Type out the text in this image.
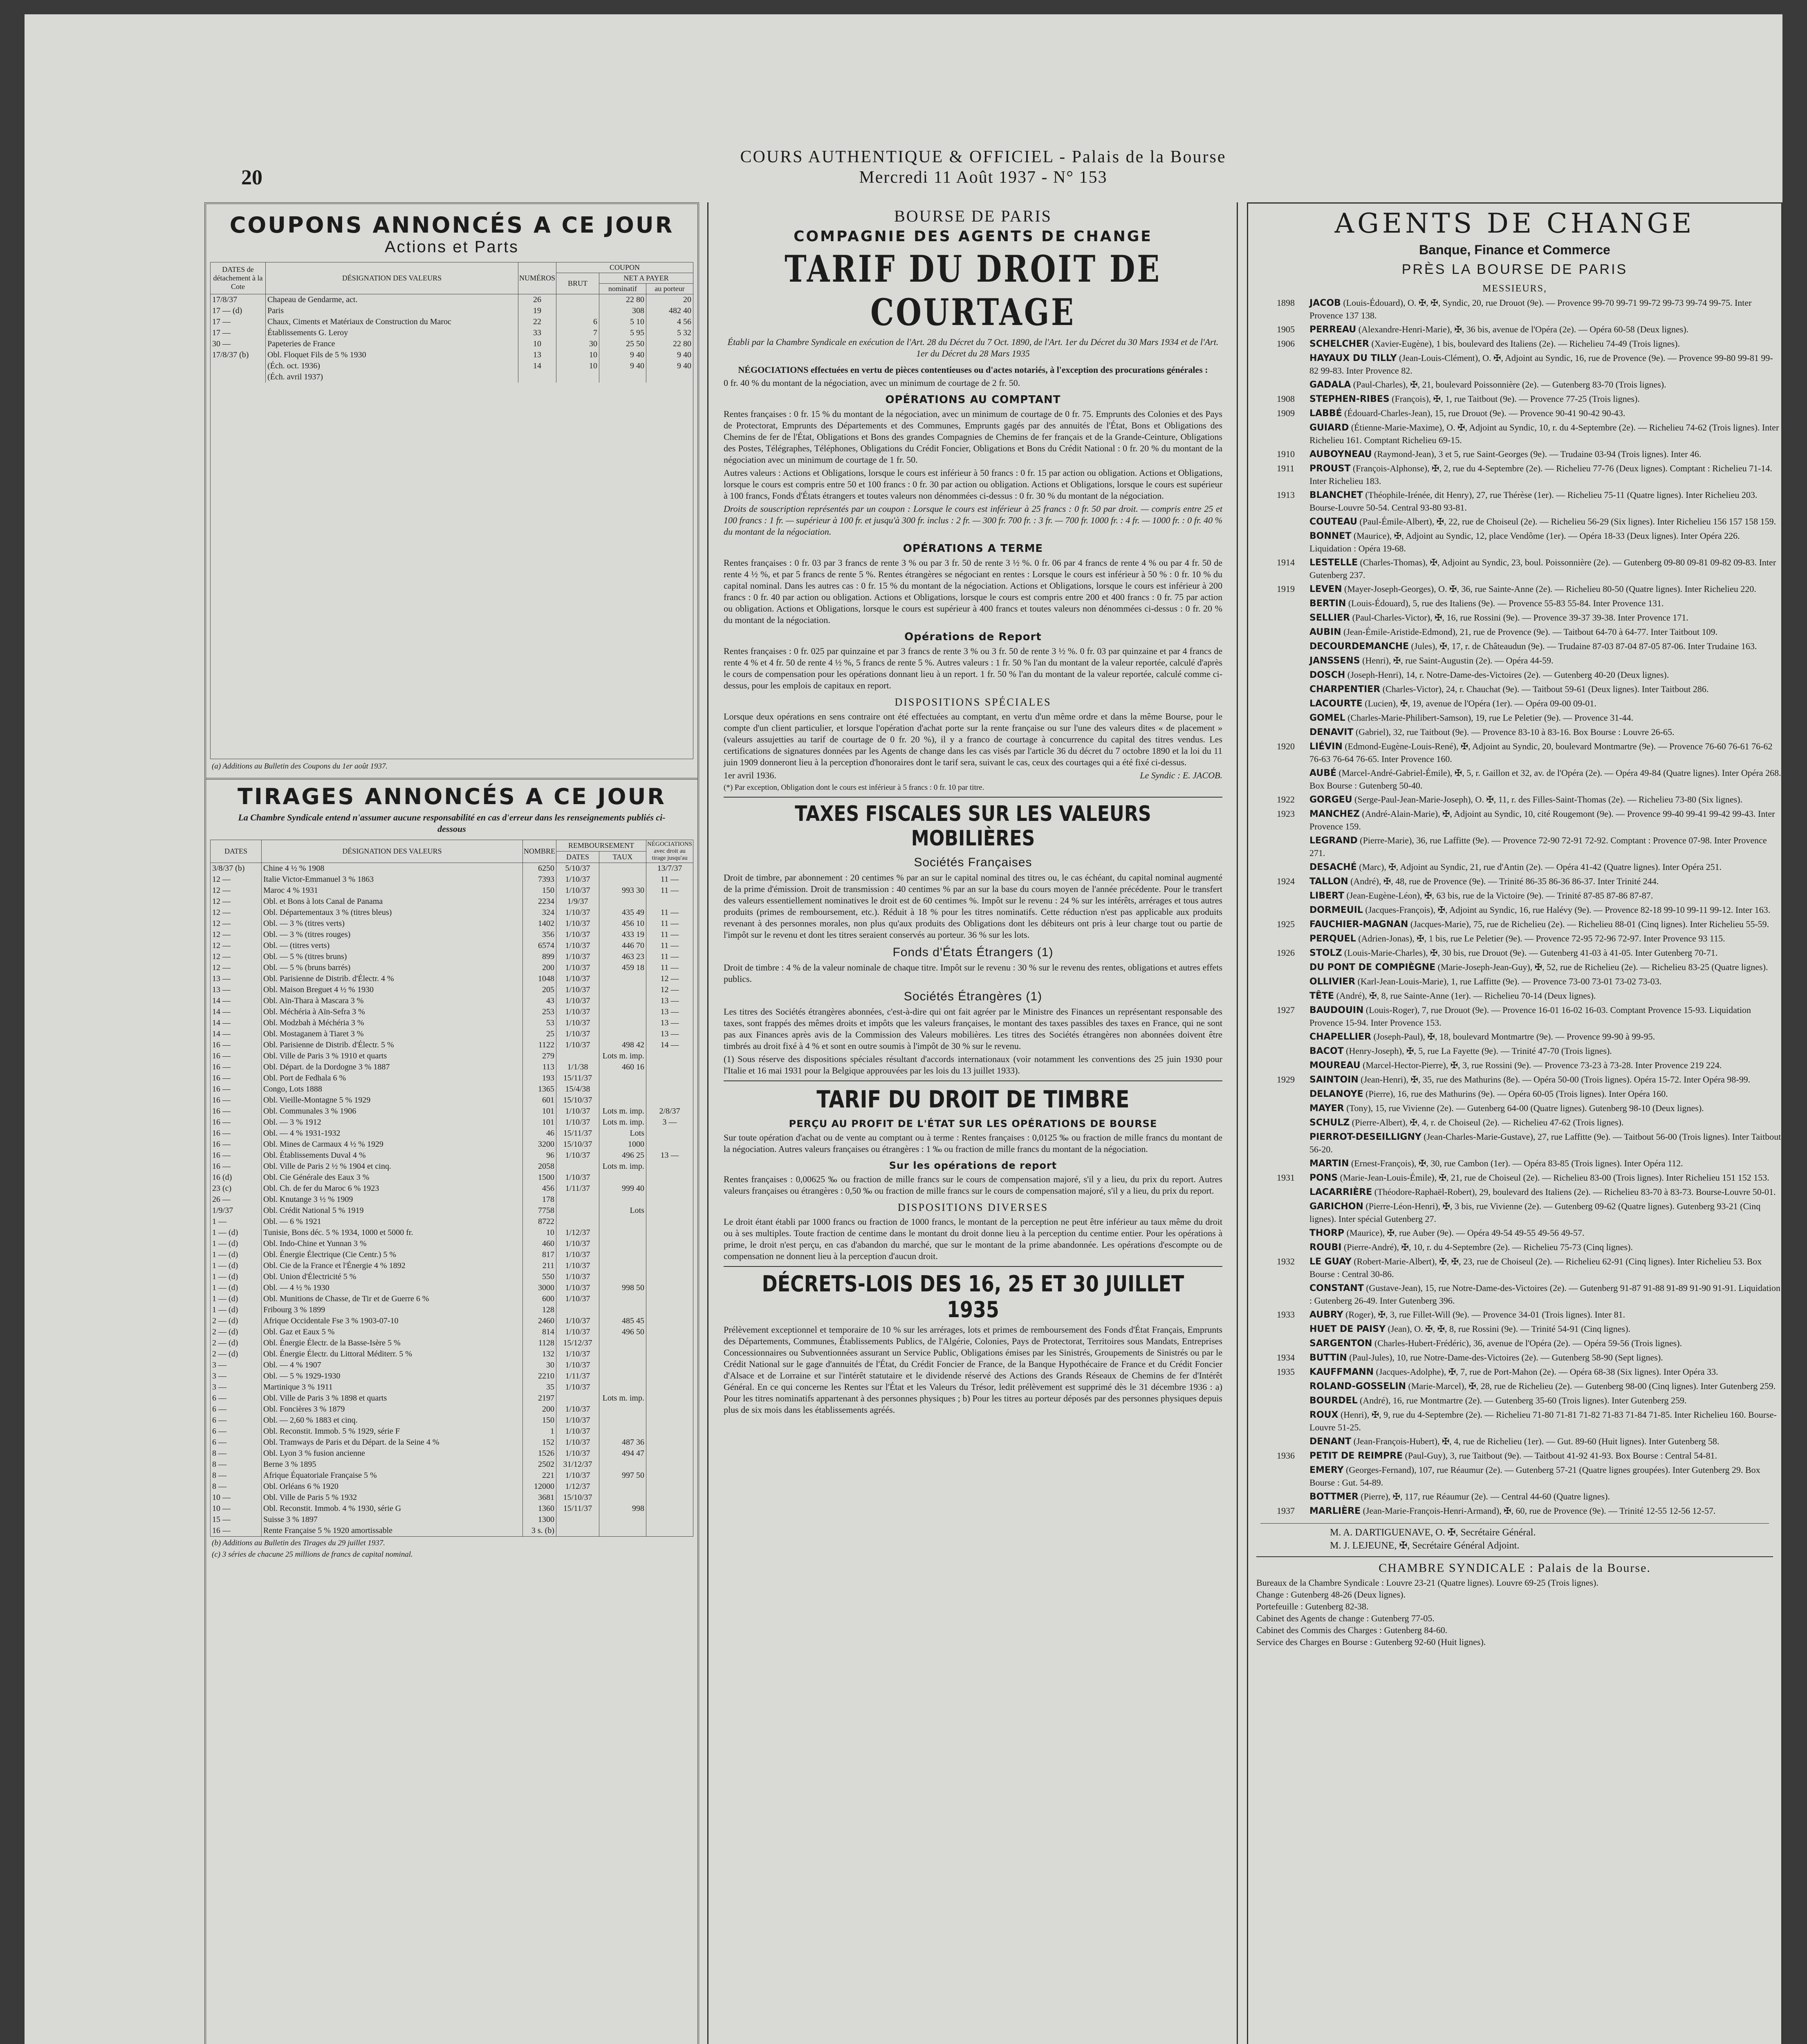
20
COURS AUTHENTIQUE & OFFICIEL - Palais de la Bourse
Mercredi 11 Août 1937 - N° 153
COUPONS ANNONCÉS A CE JOUR
Actions et Parts
DATES de détachement à la Cote	DÉSIGNATION DES VALEURS	NUMÉROS	COUPON		
			BRUT	NET A PAYER	
				nominatif	au porteur
17/8/37	Chapeau de Gendarme, act.	26		22 80	20
17 — (d)	Paris	19		308	482 40
17 —	Chaux, Ciments et Matériaux de Construction du Maroc	22	6	5 10	4 56
17 —	Établissements G. Leroy	33	7	5 95	5 32
30 —	Papeteries de France	10	30	25 50	22 80
17/8/37 (b)	Obl. Floquet Fils de 5 % 1930	13	10	9 40	9 40
	(Éch. oct. 1936)	14	10	9 40	9 40
	(Éch. avril 1937)				
(a) Additions au Bulletin des Coupons du 1er août 1937.
TIRAGES ANNONCÉS A CE JOUR
La Chambre Syndicale entend n'assumer aucune responsabilité en cas d'erreur dans les renseignements publiés ci-dessous
DATES	DÉSIGNATION DES VALEURS	NOMBRE	REMBOURSEMENT		NÉGOCIATIONS avec droit au tirage jusqu'au
			DATES	TAUX	
3/8/37 (b)	Chine 4 ½ % 1908	6250	5/10/37		13/7/37
12 —	Italie Victor-Emmanuel 3 % 1863	7393	1/10/37		11 —
12 —	Maroc 4 % 1931	150	1/10/37	993 30	11 —
12 —	Obl. et Bons à lots Canal de Panama	2234	1/9/37		
12 —	Obl. Départementaux 3 % (titres bleus)	324	1/10/37	435 49	11 —
12 —	Obl. — 3 % (titres verts)	1402	1/10/37	456 10	11 —
12 —	Obl. — 3 % (titres rouges)	356	1/10/37	433 19	11 —
12 —	Obl. — (titres verts)	6574	1/10/37	446 70	11 —
12 —	Obl. — 5 % (titres bruns)	899	1/10/37	463 23	11 —
12 —	Obl. — 5 % (bruns barrés)	200	1/10/37	459 18	11 —
13 —	Obl. Parisienne de Distrib. d'Électr. 4 %	1048	1/10/37		12 —
13 —	Obl. Maison Breguet 4 ½ % 1930	205	1/10/37		12 —
14 —	Obl. Aïn-Thara à Mascara 3 %	43	1/10/37		13 —
14 —	Obl. Méchéria à Aïn-Sefra 3 %	253	1/10/37		13 —
14 —	Obl. Modzbah à Méchéria 3 %	53	1/10/37		13 —
14 —	Obl. Mostaganem à Tiaret 3 %	25	1/10/37		13 —
16 —	Obl. Parisienne de Distrib. d'Électr. 5 %	1122	1/10/37	498 42	14 —
16 —	Obl. Ville de Paris 3 % 1910 et quarts	279		Lots m. imp.	
16 —	Obl. Départ. de la Dordogne 3 % 1887	113	1/1/38	460 16	
16 —	Obl. Port de Fedhala 6 %	193	15/11/37		
16 —	Congo, Lots 1888	1365	15/4/38		
16 —	Obl. Vieille-Montagne 5 % 1929	601	15/10/37		
16 —	Obl. Communales 3 % 1906	101	1/10/37	Lots m. imp.	2/8/37
16 —	Obl. — 3 % 1912	101	1/10/37	Lots m. imp.	3 —
16 —	Obl. — 4 % 1931-1932	46	15/11/37	Lots	
16 —	Obl. Mines de Carmaux 4 ½ % 1929	3200	15/10/37	1000	
16 —	Obl. Établissements Duval 4 %	96	1/10/37	496 25	13 —
16 —	Obl. Ville de Paris 2 ½ % 1904 et cinq.	2058		Lots m. imp.	
16 (d)	Obl. Cie Générale des Eaux 3 %	1500	1/10/37		
23 (c)	Obl. Ch. de fer du Maroc 6 % 1923	456	1/11/37	999 40	
26 —	Obl. Knutange 3 ½ % 1909	178			
1/9/37	Obl. Crédit National 5 % 1919	7758		Lots	
1 —	Obl. — 6 % 1921	8722			
1 — (d)	Tunisie, Bons déc. 5 % 1934, 1000 et 5000 fr.	10	1/12/37		
1 — (d)	Obl. Indo-Chine et Yunnan 3 %	460	1/10/37		
1 — (d)	Obl. Énergie Électrique (Cie Centr.) 5 %	817	1/10/37		
1 — (d)	Obl. Cie de la France et l'Énergie 4 % 1892	211	1/10/37		
1 — (d)	Obl. Union d'Électricité 5 %	550	1/10/37		
1 — (d)	Obl. — 4 ½ % 1930	3000	1/10/37	998 50	
1 — (d)	Obl. Munitions de Chasse, de Tir et de Guerre 6 %	600	1/10/37		
1 — (d)	Fribourg 3 % 1899	128			
2 — (d)	Afrique Occidentale Fse 3 % 1903-07-10	2460	1/10/37	485 45	
2 — (d)	Obl. Gaz et Eaux 5 %	814	1/10/37	496 50	
2 — (d)	Obl. Énergie Électr. de la Basse-Isère 5 %	1128	15/12/37		
2 — (d)	Obl. Énergie Électr. du Littoral Méditerr. 5 %	132	1/10/37		
3 —	Obl. — 4 % 1907	30	1/10/37		
3 —	Obl. — 5 % 1929-1930	2210	1/11/37		
3 —	Martinique 3 % 1911	35	1/10/37		
6 —	Obl. Ville de Paris 3 % 1898 et quarts	2197		Lots m. imp.	
6 —	Obl. Foncières 3 % 1879	200	1/10/37		
6 —	Obl. — 2,60 % 1883 et cinq.	150	1/10/37		
6 —	Obl. Reconstit. Immob. 5 % 1929, série F	1	1/10/37		
6 —	Obl. Tramways de Paris et du Départ. de la Seine 4 %	152	1/10/37	487 36	
8 —	Obl. Lyon 3 % fusion ancienne	1526	1/10/37	494 47	
8 —	Berne 3 % 1895	2502	31/12/37		
8 —	Afrique Équatoriale Française 5 %	221	1/10/37	997 50	
8 —	Obl. Orléans 6 % 1920	12000	1/12/37		
10 —	Obl. Ville de Paris 5 % 1932	3681	15/10/37		
10 —	Obl. Reconstit. Immob. 4 % 1930, série G	1360	15/11/37	998	
15 —	Suisse 3 % 1897	1300			
16 —	Rente Française 5 % 1920 amortissable	3 s. (b)			
(b) Additions au Bulletin des Tirages du 29 juillet 1937.
(c) 3 séries de chacune 25 millions de francs de capital nominal.
BOURSE DE PARIS
COMPAGNIE DES AGENTS DE CHANGE
TARIF DU DROIT DE COURTAGE
Établi par la Chambre Syndicale en exécution de l'Art. 28 du Décret du 7 Oct. 1890, de l'Art. 1er du Décret du 30 Mars 1934 et de l'Art. 1er du Décret du 28 Mars 1935
NÉGOCIATIONS effectuées en vertu de pièces contentieuses ou d'actes notariés, à l'exception des procurations générales :
0 fr. 40 % du montant de la négociation, avec un minimum de courtage de 2 fr. 50.
OPÉRATIONS AU COMPTANT
Rentes françaises : 0 fr. 15 % du montant de la négociation, avec un minimum de courtage de 0 fr. 75. Emprunts des Colonies et des Pays de Protectorat, Emprunts des Départements et des Communes, Emprunts gagés par des annuités de l'État, Bons et Obligations des Chemins de fer de l'État, Obligations et Bons des grandes Compagnies de Chemins de fer français et de la Grande-Ceinture, Obligations des Postes, Télégraphes, Téléphones, Obligations du Crédit Foncier, Obligations et Bons du Crédit National : 0 fr. 20 % du montant de la négociation avec un minimum de courtage de 1 fr. 50.
Autres valeurs : Actions et Obligations, lorsque le cours est inférieur à 50 francs : 0 fr. 15 par action ou obligation. Actions et Obligations, lorsque le cours est compris entre 50 et 100 francs : 0 fr. 30 par action ou obligation. Actions et Obligations, lorsque le cours est supérieur à 100 francs, Fonds d'États étrangers et toutes valeurs non dénommées ci-dessus : 0 fr. 30 % du montant de la négociation.
Droits de souscription représentés par un coupon : Lorsque le cours est inférieur à 25 francs : 0 fr. 50 par droit. — compris entre 25 et 100 francs : 1 fr. — supérieur à 100 fr. et jusqu'à 300 fr. inclus : 2 fr. — 300 fr. 700 fr. : 3 fr. — 700 fr. 1000 fr. : 4 fr. — 1000 fr. : 0 fr. 40 % du montant de la négociation.
OPÉRATIONS A TERME
Rentes françaises : 0 fr. 03 par 3 francs de rente 3 % ou par 3 fr. 50 de rente 3 ½ %. 0 fr. 06 par 4 francs de rente 4 % ou par 4 fr. 50 de rente 4 ½ %, et par 5 francs de rente 5 %. Rentes étrangères se négociant en rentes : Lorsque le cours est inférieur à 50 % : 0 fr. 10 % du capital nominal. Dans les autres cas : 0 fr. 15 % du montant de la négociation. Actions et Obligations, lorsque le cours est inférieur à 200 francs : 0 fr. 40 par action ou obligation. Actions et Obligations, lorsque le cours est compris entre 200 et 400 francs : 0 fr. 75 par action ou obligation. Actions et Obligations, lorsque le cours est supérieur à 400 francs et toutes valeurs non dénommées ci-dessus : 0 fr. 20 % du montant de la négociation.
Opérations de Report
Rentes françaises : 0 fr. 025 par quinzaine et par 3 francs de rente 3 % ou 3 fr. 50 de rente 3 ½ %. 0 fr. 03 par quinzaine et par 4 francs de rente 4 % et 4 fr. 50 de rente 4 ½ %, 5 francs de rente 5 %. Autres valeurs : 1 fr. 50 % l'an du montant de la valeur reportée, calculé d'après le cours de compensation pour les opérations donnant lieu à un report. 1 fr. 50 % l'an du montant de la valeur reportée, calculé comme ci-dessus, pour les emplois de capitaux en report.
DISPOSITIONS SPÉCIALES
Lorsque deux opérations en sens contraire ont été effectuées au comptant, en vertu d'un même ordre et dans la même Bourse, pour le compte d'un client particulier, et lorsque l'opération d'achat porte sur la rente française ou sur l'une des valeurs dites « de placement » (valeurs assujetties au tarif de courtage de 0 fr. 20 %), il y a franco de courtage à concurrence du capital des titres vendus. Les certifications de signatures données par les Agents de change dans les cas visés par l'article 36 du décret du 7 octobre 1890 et la loi du 11 juin 1909 donneront lieu à la perception d'honoraires dont le tarif sera, suivant le cas, ceux des courtages qui a été fixé ci-dessus.
1er avril 1936.	Le Syndic : E. JACOB.
(*) Par exception, Obligation dont le cours est inférieur à 5 francs : 0 fr. 10 par titre.
TAXES FISCALES SUR LES VALEURS MOBILIÈRES
Sociétés Françaises
Droit de timbre, par abonnement : 20 centimes % par an sur le capital nominal des titres ou, le cas échéant, du capital nominal augmenté de la prime d'émission. Droit de transmission : 40 centimes % par an sur la base du cours moyen de l'année précédente. Pour le transfert des valeurs essentiellement nominatives le droit est de 60 centimes %. Impôt sur le revenu : 24 % sur les intérêts, arrérages et tous autres produits (primes de remboursement, etc.). Réduit à 18 % pour les titres nominatifs. Cette réduction n'est pas applicable aux produits revenant à des personnes morales, non plus qu'aux produits des Obligations dont les débiteurs ont pris à leur charge tout ou partie de l'impôt sur le revenu et dont les titres seraient conservés au porteur. 36 % sur les lots.
Fonds d'États Étrangers (1)
Droit de timbre : 4 % de la valeur nominale de chaque titre. Impôt sur le revenu : 30 % sur le revenu des rentes, obligations et autres effets publics.
Sociétés Étrangères (1)
Les titres des Sociétés étrangères abonnées, c'est-à-dire qui ont fait agréer par le Ministre des Finances un représentant responsable des taxes, sont frappés des mêmes droits et impôts que les valeurs françaises, le montant des taxes passibles des taxes en France, qui ne sont pas aux Finances après avis de la Commission des Valeurs mobilières. Les titres des Sociétés étrangères non abonnées doivent être timbrés au droit fixé à 4 % et sont en outre soumis à l'impôt de 30 % sur le revenu.
(1) Sous réserve des dispositions spéciales résultant d'accords internationaux (voir notamment les conventions des 25 juin 1930 pour l'Italie et 16 mai 1931 pour la Belgique approuvées par les lois du 13 juillet 1933).
TARIF DU DROIT DE TIMBRE
PERÇU AU PROFIT DE L'ÉTAT SUR LES OPÉRATIONS DE BOURSE
Sur toute opération d'achat ou de vente au comptant ou à terme : Rentes françaises : 0,0125 ‰ ou fraction de mille francs du montant de la négociation. Autres valeurs françaises ou étrangères : 1 ‰ ou fraction de mille francs du montant de la négociation.
Sur les opérations de report
Rentes françaises : 0,00625 ‰ ou fraction de mille francs sur le cours de compensation majoré, s'il y a lieu, du prix du report. Autres valeurs françaises ou étrangères : 0,50 ‰ ou fraction de mille francs sur le cours de compensation majoré, s'il y a lieu, du prix du report.
DISPOSITIONS DIVERSES
Le droit étant établi par 1000 francs ou fraction de 1000 francs, le montant de la perception ne peut être inférieur au taux même du droit ou à ses multiples. Toute fraction de centime dans le montant du droit donne lieu à la perception du centime entier. Pour les opérations à prime, le droit n'est perçu, en cas d'abandon du marché, que sur le montant de la prime abandonnée. Les opérations d'escompte ou de compensation ne donnent lieu à la perception d'aucun droit.
DÉCRETS-LOIS DES 16, 25 ET 30 JUILLET 1935
Prélèvement exceptionnel et temporaire de 10 % sur les arrérages, lots et primes de remboursement des Fonds d'État Français, Emprunts des Départements, Communes, Établissements Publics, de l'Algérie, Colonies, Pays de Protectorat, Territoires sous Mandats, Entreprises Concessionnaires ou Subventionnées assurant un Service Public, Obligations émises par les Sinistrés, Groupements de Sinistrés ou par le Crédit National sur le gage d'annuités de l'État, du Crédit Foncier de France, de la Banque Hypothécaire de France et du Crédit Foncier d'Alsace et de Lorraine et sur l'intérêt statutaire et le dividende réservé des Actions des Grands Réseaux de Chemins de fer d'Intérêt Général. En ce qui concerne les Rentes sur l'État et les Valeurs du Trésor, ledit prélèvement est supprimé dès le 31 décembre 1936 : a) Pour les titres nominatifs appartenant à des personnes physiques ; b) Pour les titres au porteur déposés par des personnes physiques depuis plus de six mois dans les établissements agréés.
AGENTS DE CHANGE
Banque, Finance et Commerce
PRÈS LA BOURSE DE PARIS
MESSIEURS,
1898 JACOB (Louis-Édouard), O. ✠, ✠, Syndic, 20, rue Drouot (9e). — Provence 99-70 99-71 99-72 99-73 99-74 99-75. Inter Provence 137 138.
1905 PERREAU (Alexandre-Henri-Marie), ✠, 36 bis, avenue de l'Opéra (2e). — Opéra 60-58 (Deux lignes).
1906 SCHELCHER (Xavier-Eugène), 1 bis, boulevard des Italiens (2e). — Richelieu 74-49 (Trois lignes).
HAYAUX DU TILLY (Jean-Louis-Clément), O. ✠, Adjoint au Syndic, 16, rue de Provence (9e). — Provence 99-80 99-81 99-82 99-83. Inter Provence 82.
GADALA (Paul-Charles), ✠, 21, boulevard Poissonnière (2e). — Gutenberg 83-70 (Trois lignes).
1908 STEPHEN-RIBES (François), ✠, 1, rue Taitbout (9e). — Provence 77-25 (Trois lignes).
1909 LABBÉ (Édouard-Charles-Jean), 15, rue Drouot (9e). — Provence 90-41 90-42 90-43.
GUIARD (Étienne-Marie-Maxime), O. ✠, Adjoint au Syndic, 10, r. du 4-Septembre (2e). — Richelieu 74-62 (Trois lignes). Inter Richelieu 161. Comptant Richelieu 69-15.
1910 AUBOYNEAU (Raymond-Jean), 3 et 5, rue Saint-Georges (9e). — Trudaine 03-94 (Trois lignes). Inter 46.
1911 PROUST (François-Alphonse), ✠, 2, rue du 4-Septembre (2e). — Richelieu 77-76 (Deux lignes). Comptant : Richelieu 71-14. Inter Richelieu 183.
1913 BLANCHET (Théophile-Irénée, dit Henry), 27, rue Thérèse (1er). — Richelieu 75-11 (Quatre lignes). Inter Richelieu 203. Bourse-Louvre 50-54. Central 93-80 93-81.
COUTEAU (Paul-Émile-Albert), ✠, 22, rue de Choiseul (2e). — Richelieu 56-29 (Six lignes). Inter Richelieu 156 157 158 159.
BONNET (Maurice), ✠, Adjoint au Syndic, 12, place Vendôme (1er). — Opéra 18-33 (Deux lignes). Inter Opéra 226. Liquidation : Opéra 19-68.
1914 LESTELLE (Charles-Thomas), ✠, Adjoint au Syndic, 23, boul. Poissonnière (2e). — Gutenberg 09-80 09-81 09-82 09-83. Inter Gutenberg 237.
1919 LEVEN (Mayer-Joseph-Georges), O. ✠, 36, rue Sainte-Anne (2e). — Richelieu 80-50 (Quatre lignes). Inter Richelieu 220.
BERTIN (Louis-Édouard), 5, rue des Italiens (9e). — Provence 55-83 55-84. Inter Provence 131.
SELLIER (Paul-Charles-Victor), ✠, 16, rue Rossini (9e). — Provence 39-37 39-38. Inter Provence 171.
AUBIN (Jean-Émile-Aristide-Edmond), 21, rue de Provence (9e). — Taitbout 64-70 à 64-77. Inter Taitbout 109.
DECOURDEMANCHE (Jules), ✠, 17, r. de Châteaudun (9e). — Trudaine 87-03 87-04 87-05 87-06. Inter Trudaine 163.
JANSSENS (Henri), ✠, rue Saint-Augustin (2e). — Opéra 44-59.
DOSCH (Joseph-Henri), 14, r. Notre-Dame-des-Victoires (2e). — Gutenberg 40-20 (Deux lignes).
CHARPENTIER (Charles-Victor), 24, r. Chauchat (9e). — Taitbout 59-61 (Deux lignes). Inter Taitbout 286.
LACOURTE (Lucien), ✠, 19, avenue de l'Opéra (1er). — Opéra 09-00 09-01.
GOMEL (Charles-Marie-Philibert-Samson), 19, rue Le Peletier (9e). — Provence 31-44.
DENAVIT (Gabriel), 32, rue Taitbout (9e). — Provence 83-10 à 83-16. Box Bourse : Louvre 26-65.
1920 LIÉVIN (Edmond-Eugène-Louis-René), ✠, Adjoint au Syndic, 20, boulevard Montmartre (9e). — Provence 76-60 76-61 76-62 76-63 76-64 76-65. Inter Provence 160.
AUBÉ (Marcel-André-Gabriel-Émile), ✠, 5, r. Gaillon et 32, av. de l'Opéra (2e). — Opéra 49-84 (Quatre lignes). Inter Opéra 268. Box Bourse : Gutenberg 50-40.
1922 GORGEU (Serge-Paul-Jean-Marie-Joseph), O. ✠, 11, r. des Filles-Saint-Thomas (2e). — Richelieu 73-80 (Six lignes).
1923 MANCHEZ (André-Alain-Marie), ✠, Adjoint au Syndic, 10, cité Rougemont (9e). — Provence 99-40 99-41 99-42 99-43. Inter Provence 159.
LEGRAND (Pierre-Marie), 36, rue Laffitte (9e). — Provence 72-90 72-91 72-92. Comptant : Provence 07-98. Inter Provence 271.
DESACHÉ (Marc), ✠, Adjoint au Syndic, 21, rue d'Antin (2e). — Opéra 41-42 (Quatre lignes). Inter Opéra 251.
1924 TALLON (André), ✠, 48, rue de Provence (9e). — Trinité 86-35 86-36 86-37. Inter Trinité 244.
LIBERT (Jean-Eugène-Léon), ✠, 63 bis, rue de la Victoire (9e). — Trinité 87-85 87-86 87-87.
DORMEUIL (Jacques-François), ✠, Adjoint au Syndic, 16, rue Halévy (9e). — Provence 82-18 99-10 99-11 99-12. Inter 163.
1925 FAUCHIER-MAGNAN (Jacques-Marie), 75, rue de Richelieu (2e). — Richelieu 88-01 (Cinq lignes). Inter Richelieu 55-59.
PERQUEL (Adrien-Jonas), ✠, 1 bis, rue Le Peletier (9e). — Provence 72-95 72-96 72-97. Inter Provence 93 115.
1926 STOLZ (Louis-Marie-Charles), ✠, 30 bis, rue Drouot (9e). — Gutenberg 41-03 à 41-05. Inter Gutenberg 70-71.
DU PONT DE COMPIÈGNE (Marie-Joseph-Jean-Guy), ✠, 52, rue de Richelieu (2e). — Richelieu 83-25 (Quatre lignes).
OLLIVIER (Karl-Jean-Louis-Marie), 1, rue Laffitte (9e). — Provence 73-00 73-01 73-02 73-03.
TÊTE (André), ✠, 8, rue Sainte-Anne (1er). — Richelieu 70-14 (Deux lignes).
1927 BAUDOUIN (Louis-Roger), 7, rue Drouot (9e). — Provence 16-01 16-02 16-03. Comptant Provence 15-93. Liquidation Provence 15-94. Inter Provence 153.
CHAPELLIER (Joseph-Paul), ✠, 18, boulevard Montmartre (9e). — Provence 99-90 à 99-95.
BACOT (Henry-Joseph), ✠, 5, rue La Fayette (9e). — Trinité 47-70 (Trois lignes).
MOUREAU (Marcel-Hector-Pierre), ✠, 3, rue Rossini (9e). — Provence 73-23 à 73-28. Inter Provence 219 224.
1929 SAINTOIN (Jean-Henri), ✠, 35, rue des Mathurins (8e). — Opéra 50-00 (Trois lignes). Opéra 15-72. Inter Opéra 98-99.
DELANOYE (Pierre), 16, rue des Mathurins (9e). — Opéra 60-05 (Trois lignes). Inter Opéra 160.
MAYER (Tony), 15, rue Vivienne (2e). — Gutenberg 64-00 (Quatre lignes). Gutenberg 98-10 (Deux lignes).
SCHULZ (Pierre-Albert), ✠, 4, r. de Choiseul (2e). — Richelieu 47-62 (Trois lignes).
PIERROT-DESEILLIGNY (Jean-Charles-Marie-Gustave), 27, rue Laffitte (9e). — Taitbout 56-00 (Trois lignes). Inter Taitbout 56-20.
MARTIN (Ernest-François), ✠, 30, rue Cambon (1er). — Opéra 83-85 (Trois lignes). Inter Opéra 112.
1931 PONS (Marie-Jean-Louis-Émile), ✠, 21, rue de Choiseul (2e). — Richelieu 83-00 (Trois lignes). Inter Richelieu 151 152 153.
LACARRIÈRE (Théodore-Raphaël-Robert), 29, boulevard des Italiens (2e). — Richelieu 83-70 à 83-73. Bourse-Louvre 50-01.
GARICHON (Pierre-Léon-Henri), ✠, 3 bis, rue Vivienne (2e). — Gutenberg 09-62 (Quatre lignes). Gutenberg 93-21 (Cinq lignes). Inter spécial Gutenberg 27.
THORP (Maurice), ✠, rue Auber (9e). — Opéra 49-54 49-55 49-56 49-57.
ROUBI (Pierre-André), ✠, 10, r. du 4-Septembre (2e). — Richelieu 75-73 (Cinq lignes).
1932 LE GUAY (Robert-Marie-Albert), ✠, ✠, 23, rue de Choiseul (2e). — Richelieu 62-91 (Cinq lignes). Inter Richelieu 53. Box Bourse : Central 30-86.
CONSTANT (Gustave-Jean), 15, rue Notre-Dame-des-Victoires (2e). — Gutenberg 91-87 91-88 91-89 91-90 91-91. Liquidation : Gutenberg 26-49. Inter Gutenberg 396.
1933 AUBRY (Roger), ✠, 3, rue Fillet-Will (9e). — Provence 34-01 (Trois lignes). Inter 81.
HUET DE PAISY (Jean), O. ✠, ✠, 8, rue Rossini (9e). — Trinité 54-91 (Cinq lignes).
SARGENTON (Charles-Hubert-Frédéric), 36, avenue de l'Opéra (2e). — Opéra 59-56 (Trois lignes).
1934 BUTTIN (Paul-Jules), 10, rue Notre-Dame-des-Victoires (2e). — Gutenberg 58-90 (Sept lignes).
1935 KAUFFMANN (Jacques-Adolphe), ✠, 7, rue de Port-Mahon (2e). — Opéra 68-38 (Six lignes). Inter Opéra 33.
ROLAND-GOSSELIN (Marie-Marcel), ✠, 28, rue de Richelieu (2e). — Gutenberg 98-00 (Cinq lignes). Inter Gutenberg 259.
BOURDEL (André), 16, rue Montmartre (2e). — Gutenberg 35-60 (Trois lignes). Inter Gutenberg 259.
ROUX (Henri), ✠, 9, rue du 4-Septembre (2e). — Richelieu 71-80 71-81 71-82 71-83 71-84 71-85. Inter Richelieu 160. Bourse-Louvre 51-25.
DENANT (Jean-François-Hubert), ✠, 4, rue de Richelieu (1er). — Gut. 89-60 (Huit lignes). Inter Gutenberg 58.
1936 PETIT DE REIMPRE (Paul-Guy), 3, rue Taitbout (9e). — Taitbout 41-92 41-93. Box Bourse : Central 54-81.
EMERY (Georges-Fernand), 107, rue Réaumur (2e). — Gutenberg 57-21 (Quatre lignes groupées). Inter Gutenberg 29. Box Bourse : Gut. 54-89.
BOTTMER (Pierre), ✠, 117, rue Réaumur (2e). — Central 44-60 (Quatre lignes).
1937 MARLIÈRE (Jean-Marie-François-Henri-Armand), ✠, 60, rue de Provence (9e). — Trinité 12-55 12-56 12-57.
M. A. DARTIGUENAVE, O. ✠, Secrétaire Général.
M. J. LEJEUNE, ✠, Secrétaire Général Adjoint.
CHAMBRE SYNDICALE : Palais de la Bourse.
Bureaux de la Chambre Syndicale : Louvre 23-21 (Quatre lignes). Louvre 69-25 (Trois lignes).
Change : Gutenberg 48-26 (Deux lignes).
Portefeuille : Gutenberg 82-38.
Cabinet des Agents de change : Gutenberg 77-05.
Cabinet des Commis des Charges : Gutenberg 84-60.
Service des Charges en Bourse : Gutenberg 92-60 (Huit lignes).
